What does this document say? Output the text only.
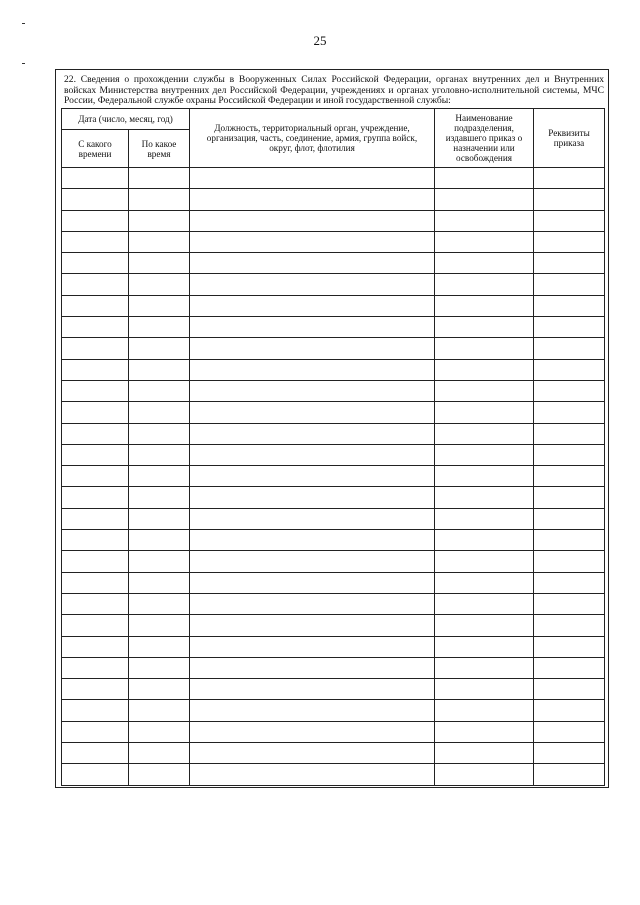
25
22. Сведения о прохождении службы в Вооруженных Силах Российской Федерации, органах внутренних дел и Внутренних войсках Министерства внутренних дел Российской Федерации, учреждениях и органах уголовно-исполнительной системы, МЧС России, Федеральной службе охраны Российской Федерации и иной государственной службы:
Дата (число, месяц, год)		Должность, территориальный орган, учреждение, организация, часть, соединение, армия, группа войск, округ, флот, флотилия	Наименование подразделения, издавшего приказ о назначении или освобождения	Реквизиты приказа

С какого времени	По какое время			
